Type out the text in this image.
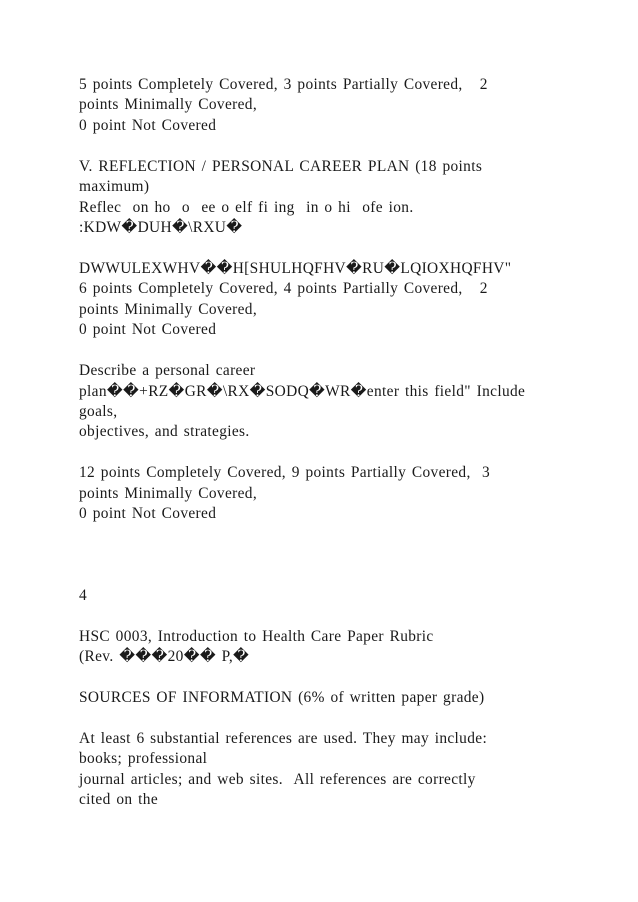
5 points Completely Covered, 3 points Partially Covered,   2
points Minimally Covered,
0 point Not Covered
V. REFLECTION / PERSONAL CAREER PLAN (18 points
maximum)
Reflec  on ho  o  ee o elf fi ing  in o hi  ofe ion.
:KDW�DUH�\RXU�
DWWULEXWHV��H[SHULHQFHV�RU�LQIOXHQFHV"
6 points Completely Covered, 4 points Partially Covered,   2
points Minimally Covered,
0 point Not Covered
Describe a personal career
plan��+RZ�GR�\RX�SODQ�WR�enter this field" Include
goals,
objectives, and strategies.
12 points Completely Covered, 9 points Partially Covered,  3
points Minimally Covered,
0 point Not Covered
4
HSC 0003, Introduction to Health Care Paper Rubric
(Rev. ���20�� P,�
SOURCES OF INFORMATION (6% of written paper grade)
At least 6 substantial references are used. They may include:
books; professional
journal articles; and web sites.  All references are correctly
cited on the
